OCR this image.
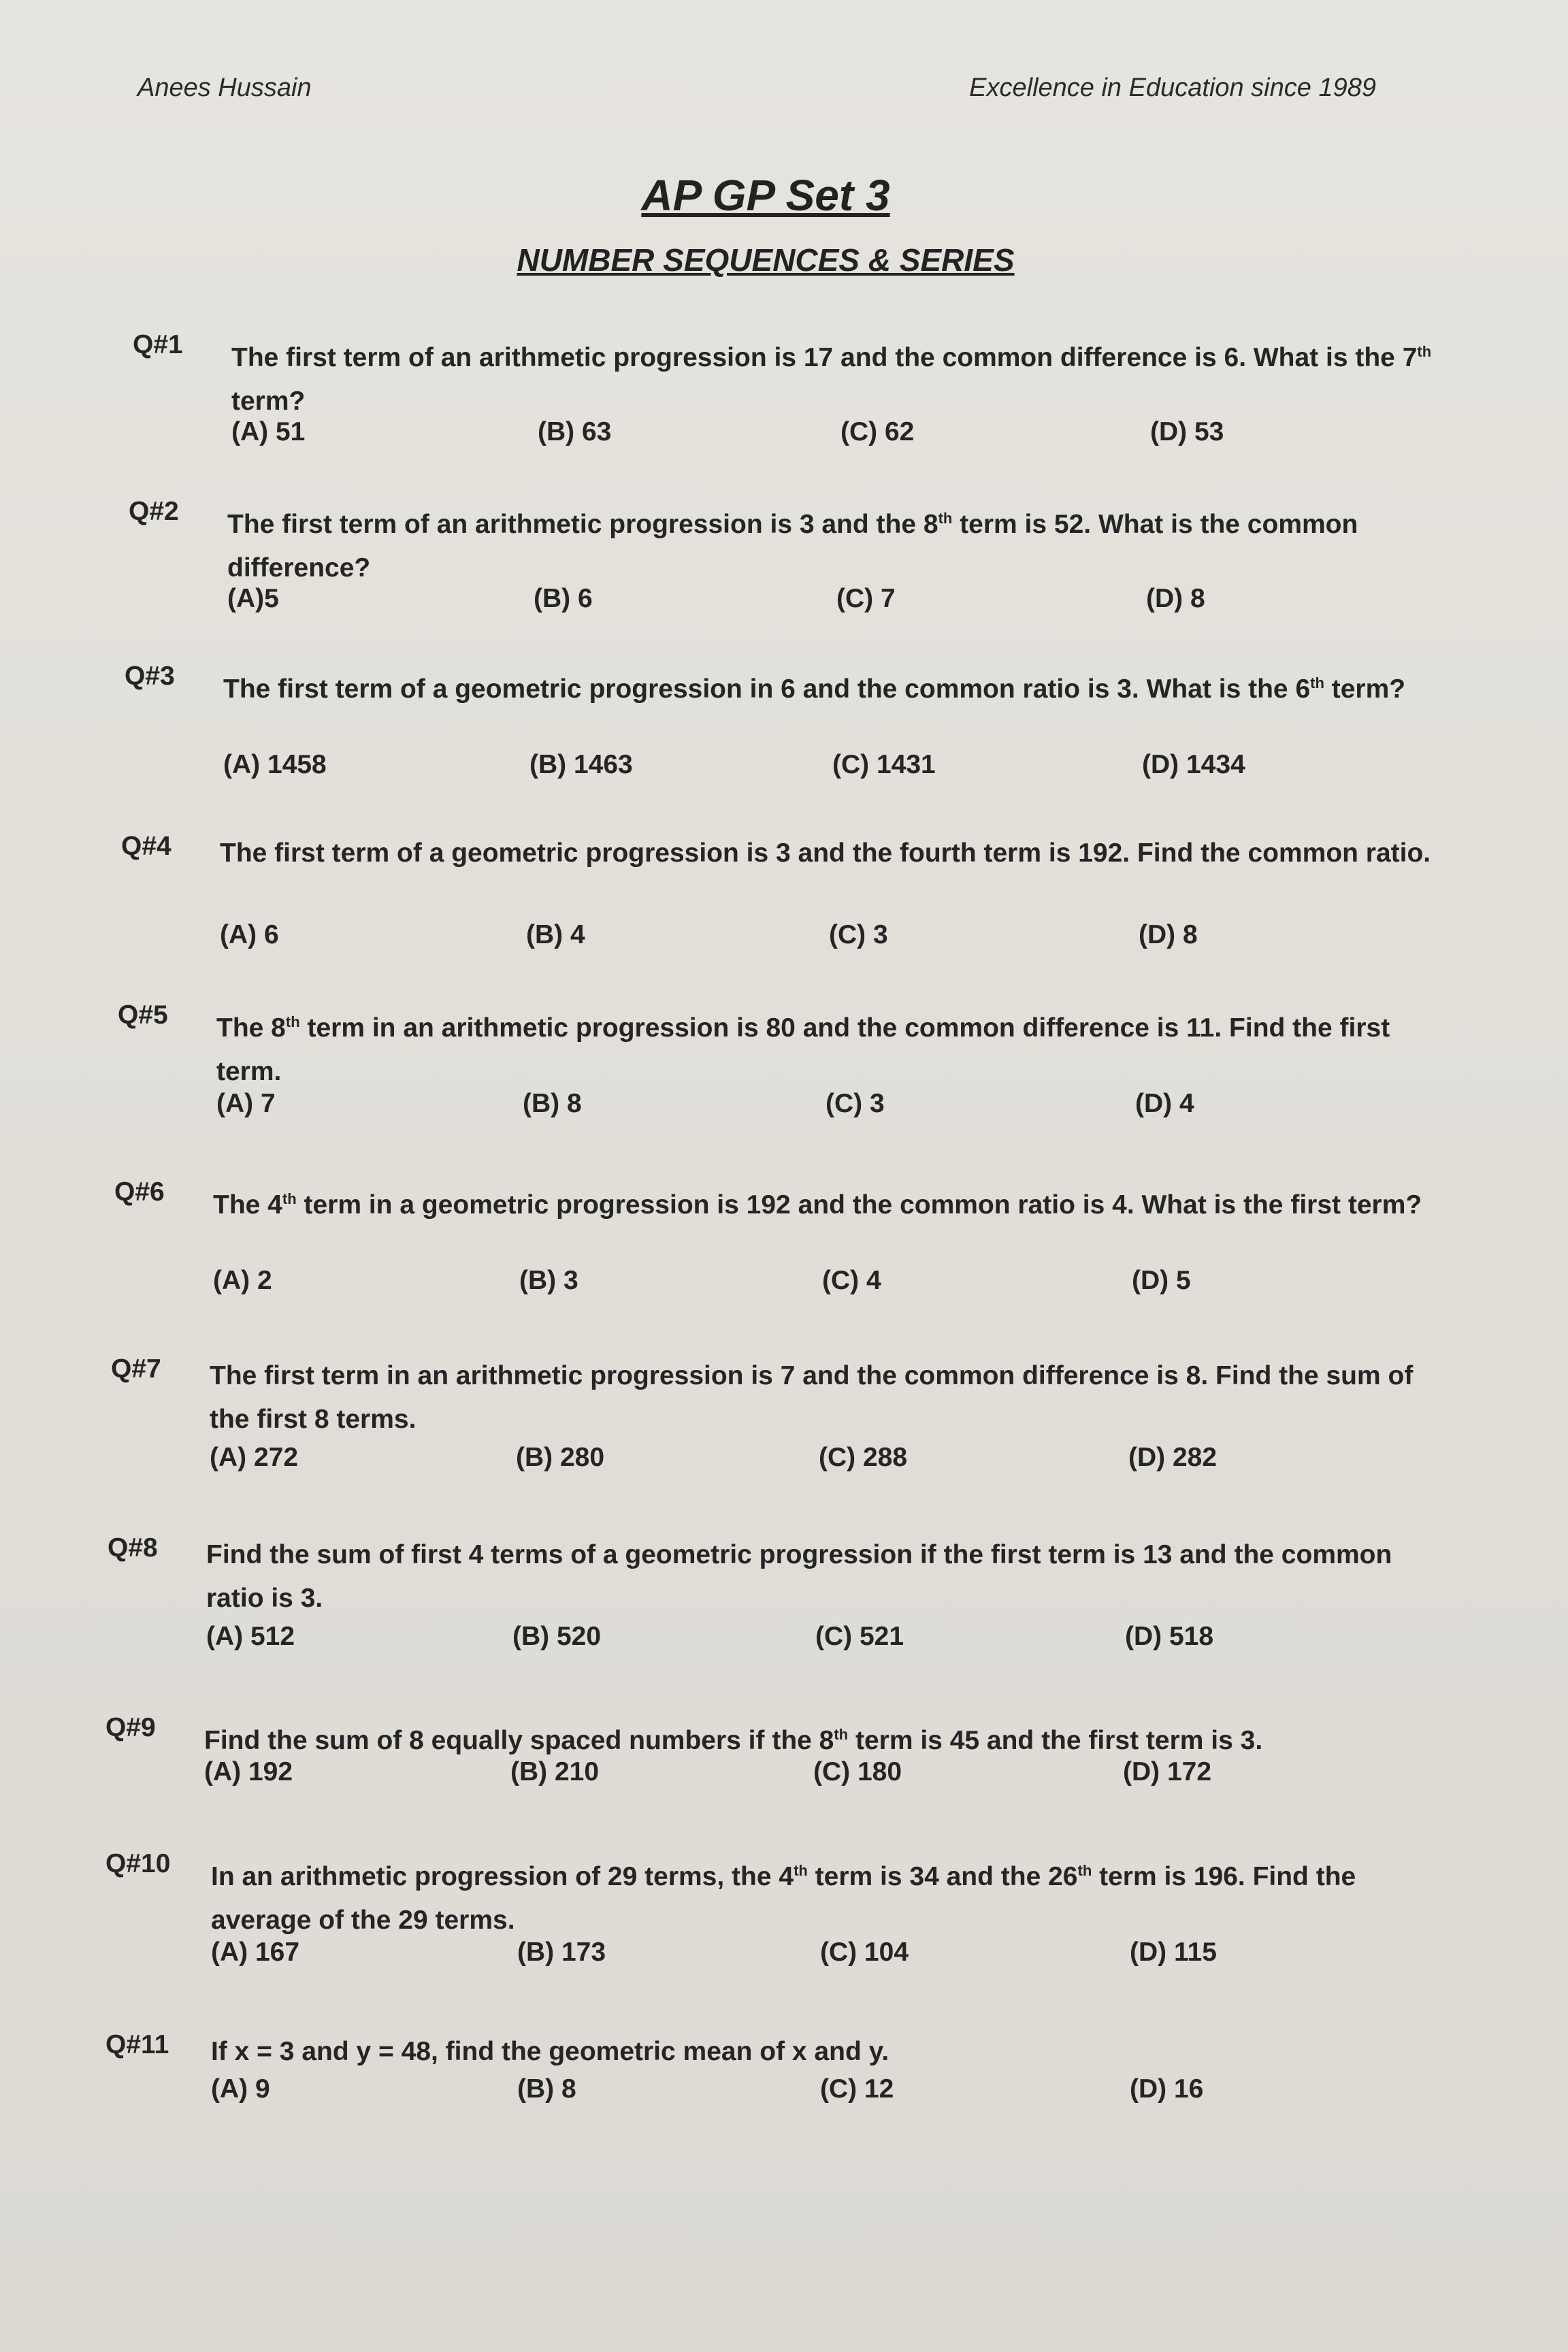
Anees Hussain	Excellence in Education since 1989
AP GP Set 3
NUMBER SEQUENCES & SERIES
Q#1 The first term of an arithmetic progression is 17 and the common difference is 6. What is the 7th term?
(A) 51	(B) 63	(C) 62	(D) 53
Q#2 The first term of an arithmetic progression is 3 and the 8th term is 52. What is the common difference?
(A)5	(B) 6	(C) 7	(D) 8
Q#3 The first term of a geometric progression in 6 and the common ratio is 3. What is the 6th term?
(A) 1458	(B) 1463	(C) 1431	(D) 1434
Q#4 The first term of a geometric progression is 3 and the fourth term is 192. Find the common ratio.
(A) 6	(B) 4	(C) 3	(D) 8
Q#5 The 8th term in an arithmetic progression is 80 and the common difference is 11. Find the first term.
(A) 7	(B) 8	(C) 3	(D) 4
Q#6 The 4th term in a geometric progression is 192 and the common ratio is 4. What is the first term?
(A) 2	(B) 3	(C) 4	(D) 5
Q#7 The first term in an arithmetic progression is 7 and the common difference is 8. Find the sum of the first 8 terms.
(A) 272	(B) 280	(C) 288	(D) 282
Q#8 Find the sum of first 4 terms of a geometric progression if the first term is 13 and the common ratio is 3.
(A) 512	(B) 520	(C) 521	(D) 518
Q#9 Find the sum of 8 equally spaced numbers if the 8th term is 45 and the first term is 3.
(A) 192	(B) 210	(C) 180	(D) 172
Q#10 In an arithmetic progression of 29 terms, the 4th term is 34 and the 26th term is 196. Find the average of the 29 terms.
(A) 167	(B) 173	(C) 104	(D) 115
Q#11 If x = 3 and y = 48, find the geometric mean of x and y.
(A) 9	(B) 8	(C) 12	(D) 16
